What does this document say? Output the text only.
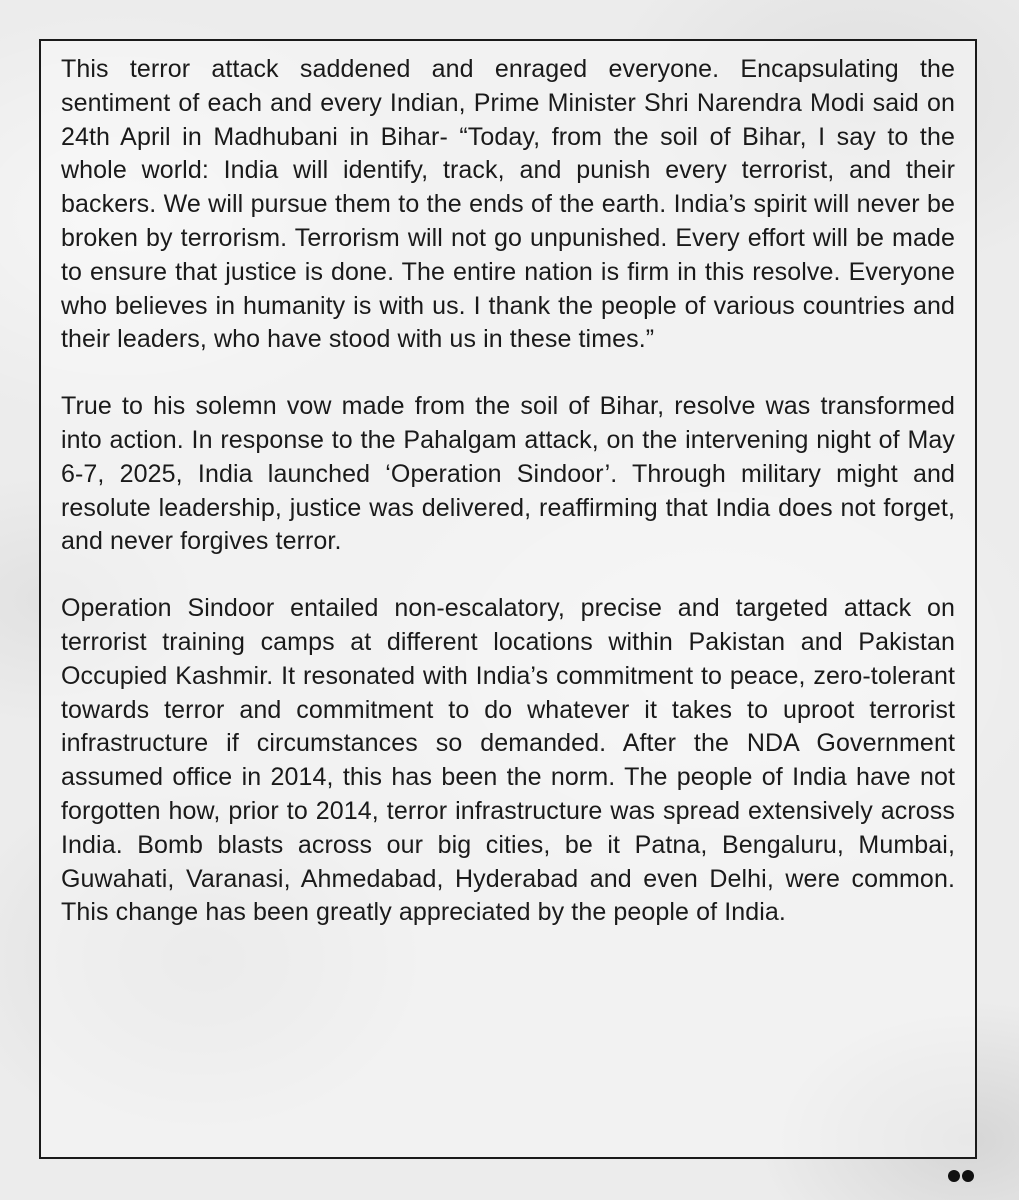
This terror attack saddened and enraged everyone. Encapsulating the sentiment of each and every Indian, Prime Minister Shri Narendra Modi said on 24th April in Madhubani in Bihar- “Today, from the soil of Bihar, I say to the whole world: India will identify, track, and punish every terrorist, and their backers. We will pursue them to the ends of the earth. India’s spirit will never be broken by terrorism. Terrorism will not go unpunished. Every effort will be made to ensure that justice is done. The entire nation is firm in this resolve. Everyone who believes in humanity is with us. I thank the people of various countries and their leaders, who have stood with us in these times.”

True to his solemn vow made from the soil of Bihar, resolve was transformed into action. In response to the Pahalgam attack, on the intervening night of May 6-7, 2025, India launched ‘Operation Sindoor’. Through military might and resolute leadership, justice was delivered, reaffirming that India does not forget, and never forgives terror.

Operation Sindoor entailed non-escalatory, precise and targeted attack on terrorist training camps at different locations within Pakistan and Pakistan Occupied Kashmir. It resonated with India’s commitment to peace, zero-tolerant towards terror and commitment to do whatever it takes to uproot terrorist infrastructure if circumstances so demanded. After the NDA Government assumed office in 2014, this has been the norm. The people of India have not forgotten how, prior to 2014, terror infrastructure was spread extensively across India. Bomb blasts across our big cities, be it Patna, Bengaluru, Mumbai, Guwahati, Varanasi, Ahmedabad, Hyderabad and even Delhi, were common. This change has been greatly appreciated by the people of India.
